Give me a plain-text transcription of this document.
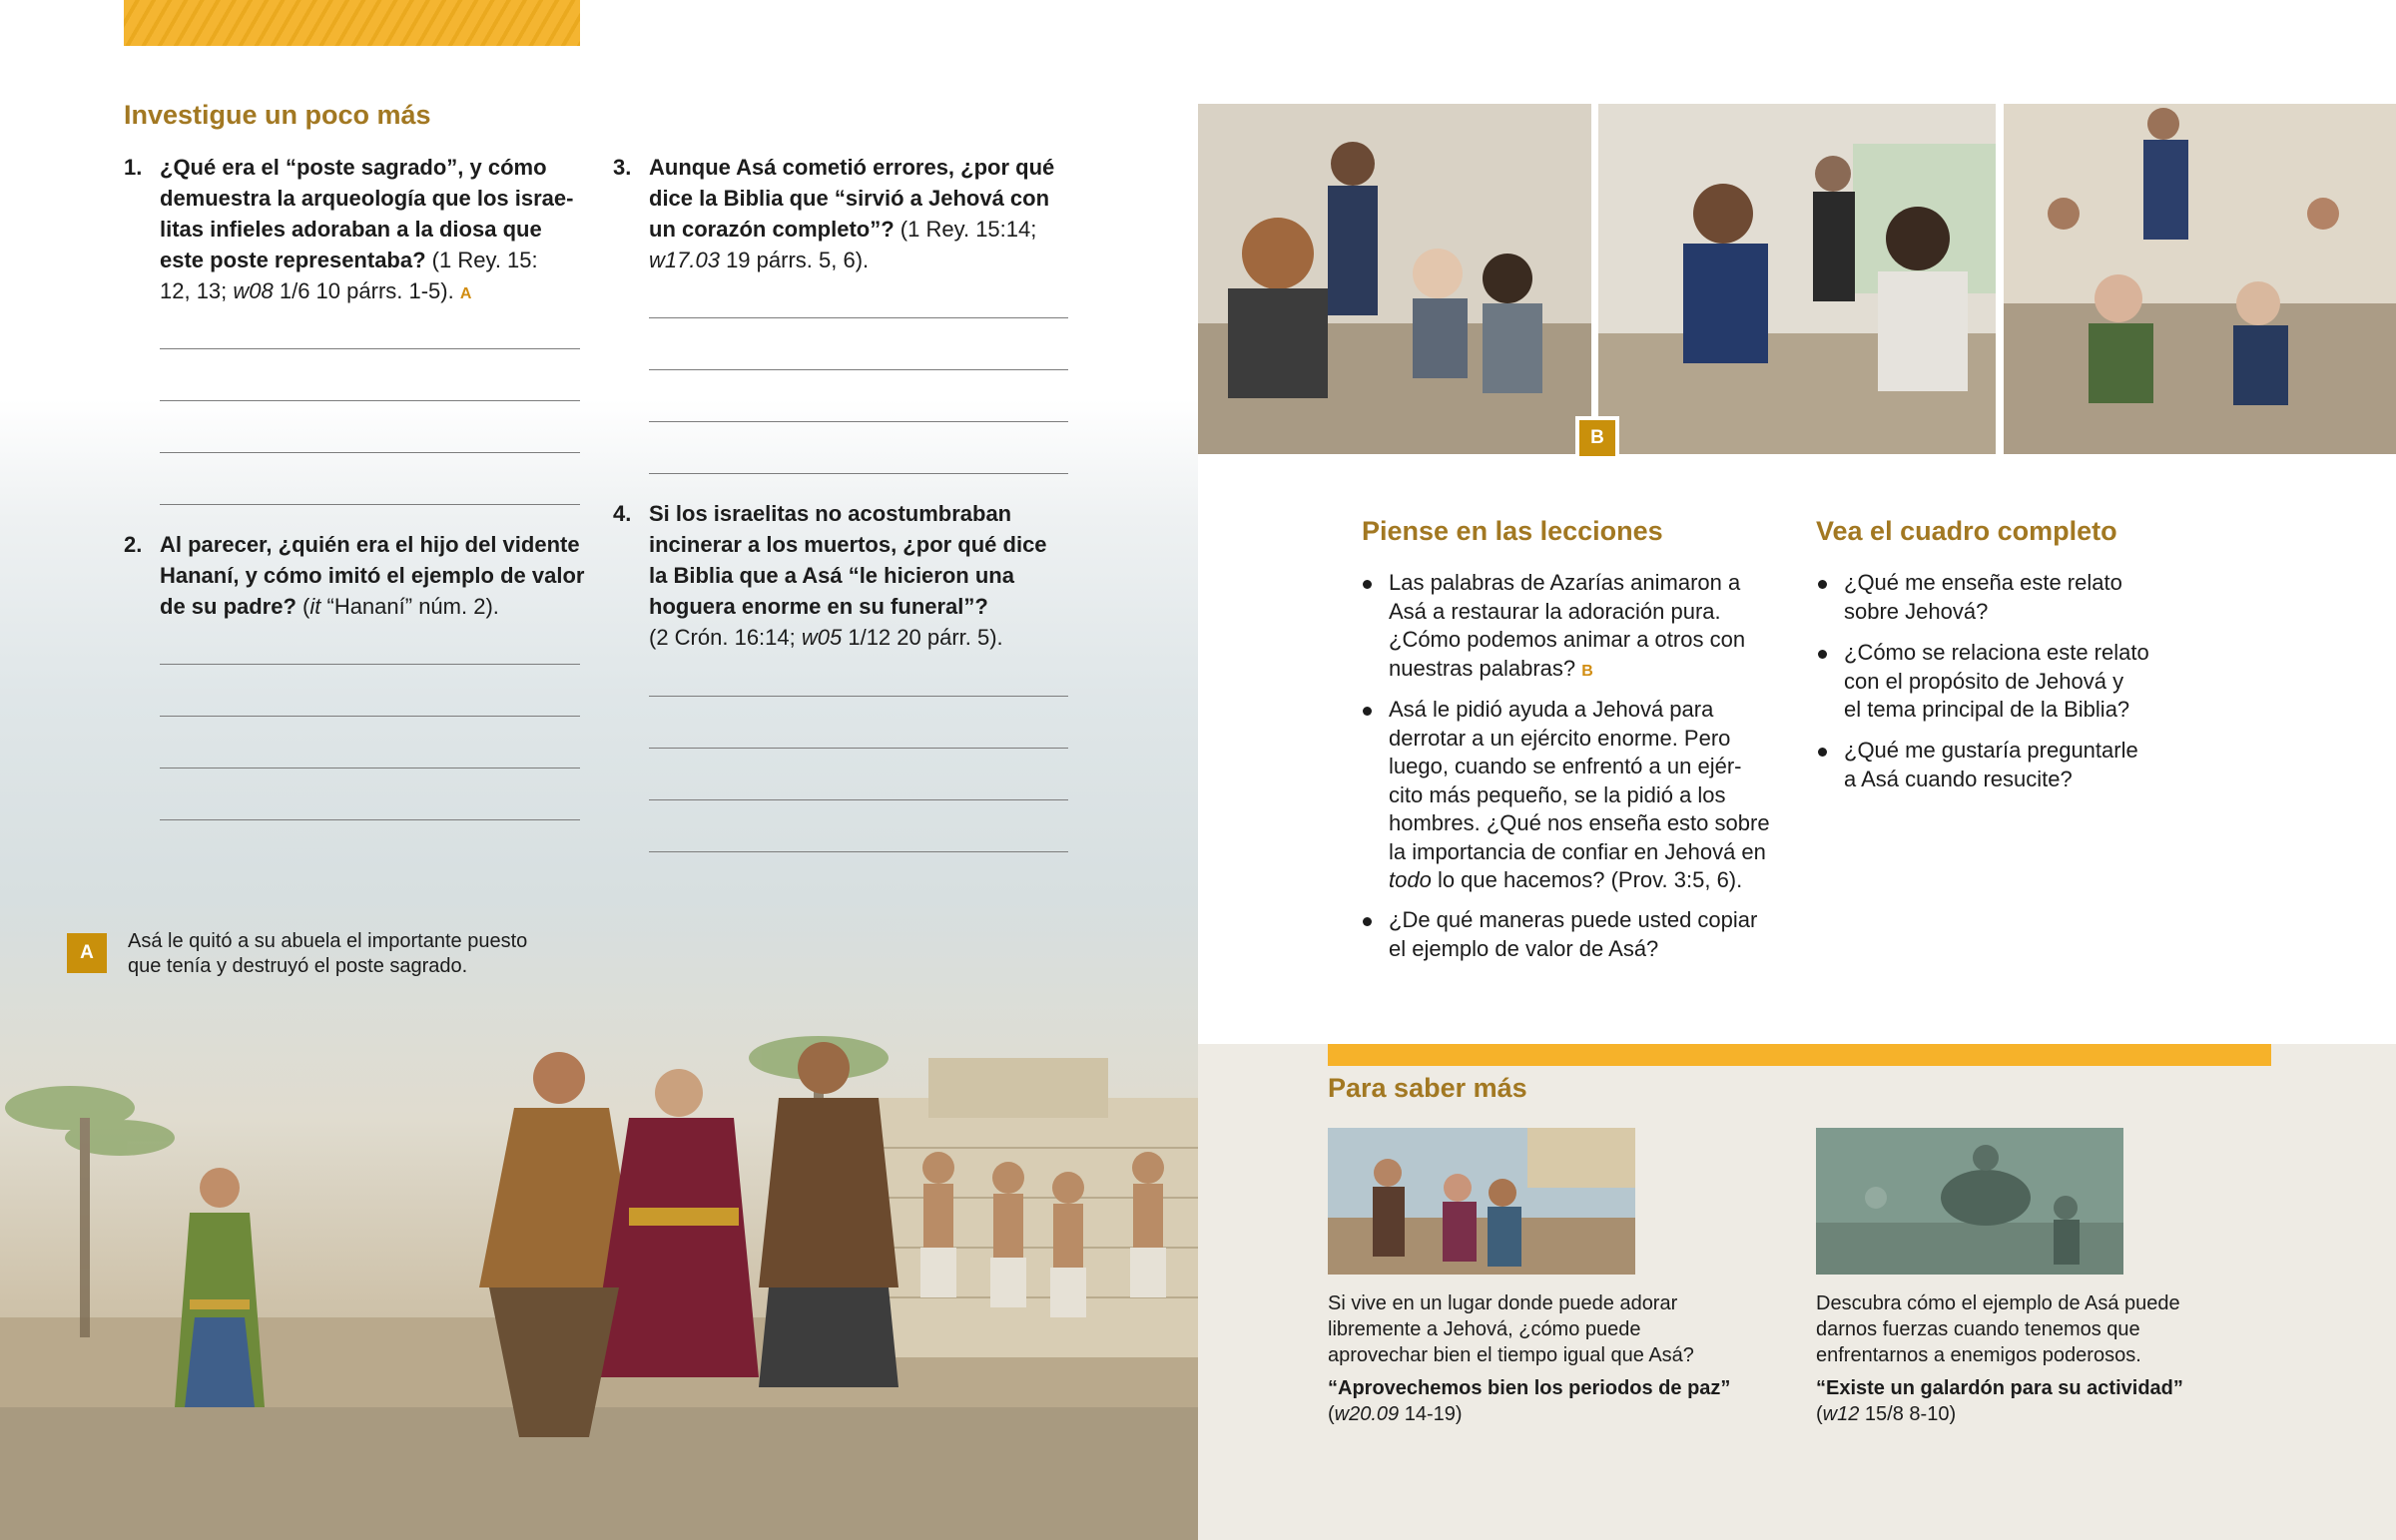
Investigue un poco más
1. ¿Qué era el “poste sagrado”, y cómo
demuestra la arqueología que los israe-
litas infieles adoraban a la diosa que
este poste representaba? (1 Rey. 15:
12, 13; w08 1/6 10 párrs. 1-5). A
2. Al parecer, ¿quién era el hijo del vidente
Hananí, y cómo imitó el ejemplo de valor
de su padre? (it “Hananí” núm. 2).
3. Aunque Asá cometió errores, ¿por qué
dice la Biblia que “sirvió a Jehová con
un corazón completo”? (1 Rey. 15:14;
w17.03 19 párrs. 5, 6).
4. Si los israelitas no acostumbraban
incinerar a los muertos, ¿por qué dice
la Biblia que a Asá “le hicieron una
hoguera enorme en su funeral”?
(2 Crón. 16:14; w05 1/12 20 párr. 5).
A
Asá le quitó a su abuela el importante puesto
que tenía y destruyó el poste sagrado.
B
Piense en las lecciones
Las palabras de Azarías animaron a
Asá a restaurar la adoración pura.
¿Cómo podemos animar a otros con
nuestras palabras? B
Asá le pidió ayuda a Jehová para
derrotar a un ejército enorme. Pero
luego, cuando se enfrentó a un ejér-
cito más pequeño, se la pidió a los
hombres. ¿Qué nos enseña esto sobre
la importancia de confiar en Jehová en
todo lo que hacemos? (Prov. 3:5, 6).
¿De qué maneras puede usted copiar
el ejemplo de valor de Asá?
Vea el cuadro completo
¿Qué me enseña este relato
sobre Jehová?
¿Cómo se relaciona este relato
con el propósito de Jehová y
el tema principal de la Biblia?
¿Qué me gustaría preguntarle
a Asá cuando resucite?
Para saber más
Si vive en un lugar donde puede adorar
libremente a Jehová, ¿cómo puede
aprovechar bien el tiempo igual que Asá?
“Aprovechemos bien los periodos de paz”
(w20.09 14-19)
Descubra cómo el ejemplo de Asá puede
darnos fuerzas cuando tenemos que
enfrentarnos a enemigos poderosos.
“Existe un galardón para su actividad”
(w12 15/8 8-10)
